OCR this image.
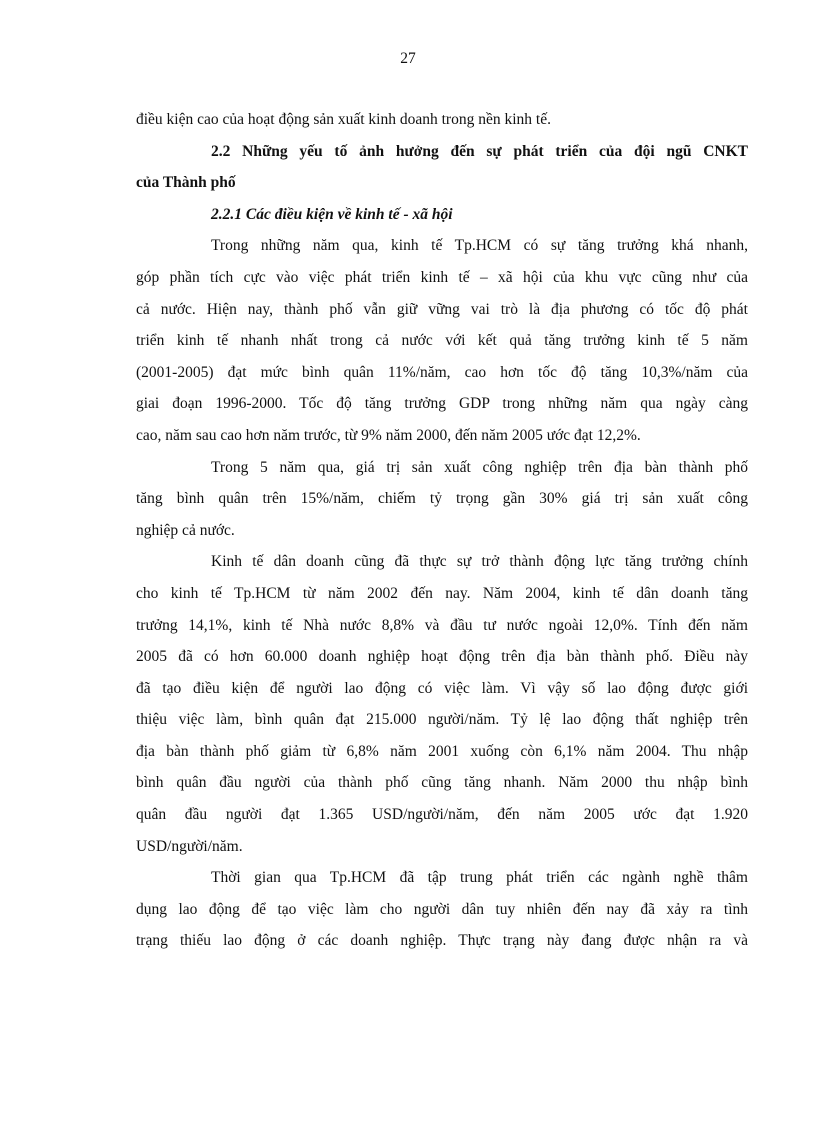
27
điều kiện cao của hoạt động sản xuất kinh doanh trong nền kinh tế.
2.2 Những yếu tố ảnh hưởng đến sự phát triển của đội ngũ CNKT
của Thành phố
2.2.1 Các điều kiện về kinh tế - xã hội
Trong những năm qua, kinh tế Tp.HCM có sự tăng trưởng khá nhanh,
góp phần tích cực vào việc phát triển kinh tế – xã hội của khu vực cũng như của
cả nước. Hiện nay, thành phố vẫn giữ vững vai trò là địa phương có tốc độ phát
triển kinh tế nhanh nhất trong cả nước với kết quả tăng trưởng kinh tế 5 năm
(2001-2005) đạt mức bình quân 11%/năm, cao hơn tốc độ tăng 10,3%/năm của
giai đoạn 1996-2000. Tốc độ tăng trưởng GDP trong những năm qua ngày càng
cao, năm sau cao hơn năm trước, từ 9% năm 2000, đến năm 2005 ước đạt 12,2%.
Trong 5 năm qua, giá trị sản xuất công nghiệp trên địa bàn thành phố
tăng bình quân trên 15%/năm, chiếm tỷ trọng gần 30% giá trị sản xuất công
nghiệp cả nước.
Kinh tế dân doanh cũng đã thực sự trở thành động lực tăng trưởng chính
cho kinh tế Tp.HCM từ năm 2002 đến nay. Năm 2004, kinh tế dân doanh tăng
trưởng 14,1%, kinh tế Nhà nước 8,8% và đầu tư nước ngoài 12,0%. Tính đến năm
2005 đã có hơn 60.000 doanh nghiệp hoạt động trên địa bàn thành phố. Điều này
đã tạo điều kiện để người lao động có việc làm. Vì vậy số lao động được giới
thiệu việc làm, bình quân đạt 215.000 người/năm. Tỷ lệ lao động thất nghiệp trên
địa bàn thành phố giảm từ 6,8% năm 2001 xuống còn 6,1% năm 2004. Thu nhập
bình quân đầu người của thành phố cũng tăng nhanh. Năm 2000 thu nhập bình
quân đầu người đạt 1.365 USD/người/năm, đến năm 2005 ước đạt 1.920
USD/người/năm.
Thời gian qua Tp.HCM đã tập trung phát triển các ngành nghề thâm
dụng lao động để tạo việc làm cho người dân tuy nhiên đến nay đã xảy ra tình
trạng thiếu lao động ở các doanh nghiệp. Thực trạng này đang được nhận ra và
